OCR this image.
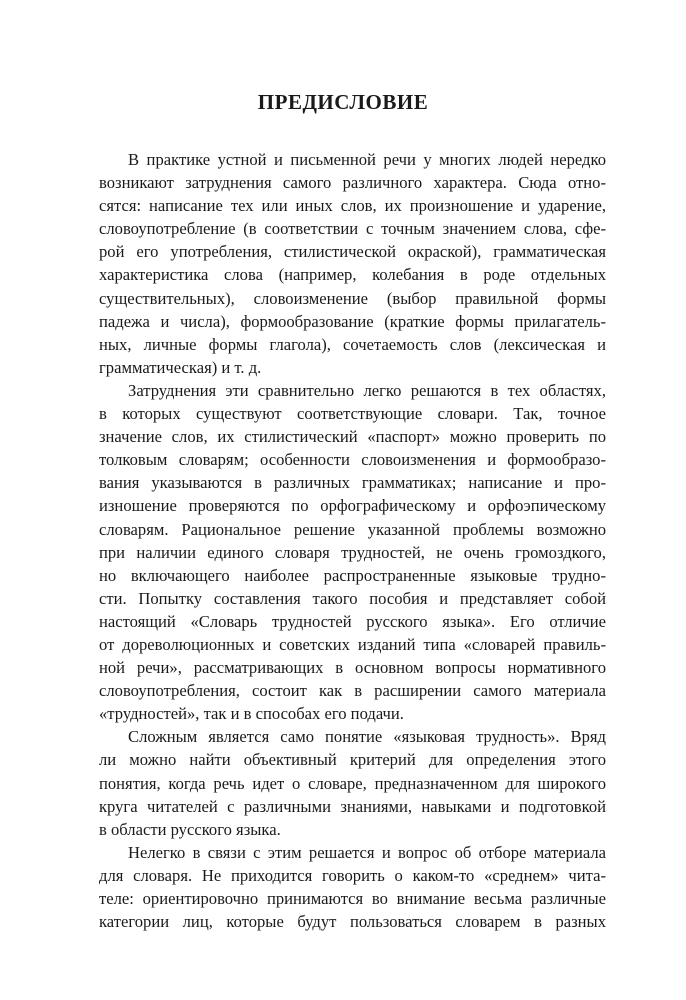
ПРЕДИСЛОВИЕ
В практике устной и письменной речи у многих людей нередко
возникают затруднения самого различного характера. Сюда отно-
сятся: написание тех или иных слов, их произношение и ударение,
словоупотребление (в соответствии с точным значением слова, сфе-
рой его употребления, стилистической окраской), грамматическая
характеристика слова (например, колебания в роде отдельных
существительных), словоизменение (выбор правильной формы
падежа и числа), формообразование (краткие формы прилагатель-
ных, личные формы глагола), сочетаемость слов (лексическая и
грамматическая) и т. д.
Затруднения эти сравнительно легко решаются в тех областях,
в которых существуют соответствующие словари. Так, точное
значение слов, их стилистический «паспорт» можно проверить по
толковым словарям; особенности словоизменения и формообразо-
вания указываются в различных грамматиках; написание и про-
изношение проверяются по орфографическому и орфоэпическому
словарям. Рациональное решение указанной проблемы возможно
при наличии единого словаря трудностей, не очень громоздкого,
но включающего наиболее распространенные языковые трудно-
сти. Попытку составления такого пособия и представляет собой
настоящий «Словарь трудностей русского языка». Его отличие
от дореволюционных и советских изданий типа «словарей правиль-
ной речи», рассматривающих в основном вопросы нормативного
словоупотребления, состоит как в расширении самого материала
«трудностей», так и в способах его подачи.
Сложным является само понятие «языковая трудность». Вряд
ли можно найти объективный критерий для определения этого
понятия, когда речь идет о словаре, предназначенном для широкого
круга читателей с различными знаниями, навыками и подготовкой
в области русского языка.
Нелегко в связи с этим решается и вопрос об отборе материала
для словаря. Не приходится говорить о каком-то «среднем» чита-
теле: ориентировочно принимаются во внимание весьма различные
категории лиц, которые будут пользоваться словарем в разных
